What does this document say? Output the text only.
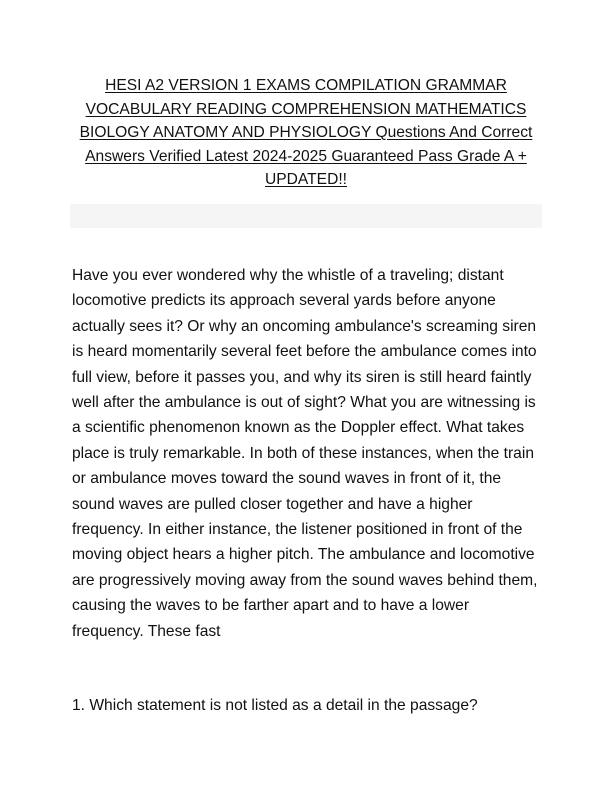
HESI A2 VERSION 1 EXAMS COMPILATION GRAMMAR VOCABULARY READING COMPREHENSION MATHEMATICS BIOLOGY ANATOMY AND PHYSIOLOGY Questions And Correct Answers Verified Latest 2024-2025 Guaranteed Pass Grade A + UPDATED!!

Have you ever wondered why the whistle of a traveling; distant locomotive predicts its approach several yards before anyone actually sees it? Or why an oncoming ambulance's screaming siren is heard momentarily several feet before the ambulance comes into full view, before it passes you, and why its siren is still heard faintly well after the ambulance is out of sight? What you are witnessing is a scientific phenomenon known as the Doppler effect. What takes place is truly remarkable. In both of these instances, when the train or ambulance moves toward the sound waves in front of it, the sound waves are pulled closer together and have a higher frequency. In either instance, the listener positioned in front of the moving object hears a higher pitch. The ambulance and locomotive are progressively moving away from the sound waves behind them, causing the waves to be farther apart and to have a lower frequency. These fast

1. Which statement is not listed as a detail in the passage?
